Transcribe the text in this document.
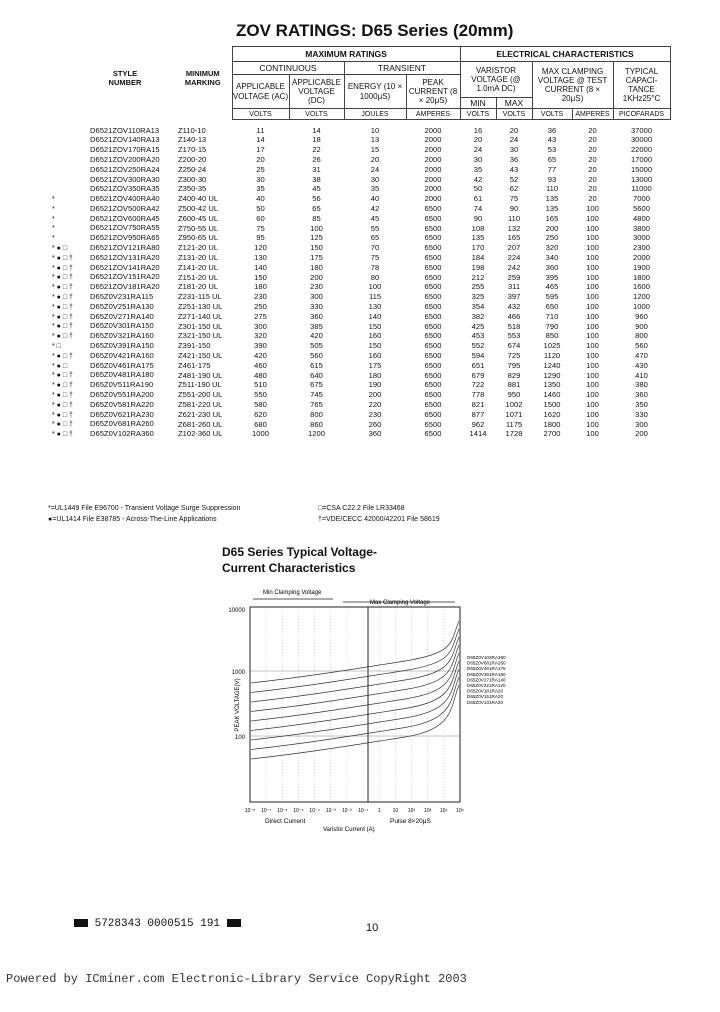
ZOV RATINGS: D65 Series (20mm)
STYLE NUMBER	MINIMUM MARKING	MAXIMUM RATINGS				ELECTRICAL CHARACTERISTICS				
		CONTINUOUS		TRANSIENT		VARISTOR VOLTAGE (@ 1.0mA DC)		MAX CLAMPING VOLTAGE @ TEST CURRENT (8 × 20μS)		TYPICAL CAPACI-TANCE 1KHz25°C

		APPLICABLE VOLTAGE (AC)	APPLICABLE VOLTAGE (DC)	ENERGY (10 × 1000μS)	PEAK CURRENT (8 × 20μS)					
						MIN	MAX			
		VOLTS	VOLTS	JOULES	AMPERES	VOLTS	VOLTS	VOLTS	AMPERES	PICOFARADS

D6521ZOV110RA13	Z110-10	11	14	10	2000	16	20	36	20	37000
D6521ZOV140RA13	Z140-13	14	18	13	2000	20	24	43	20	30000
D6521ZOV170RA15	Z170-15	17	22	15	2000	24	30	53	20	22000
D6521ZOV200RA20	Z200-20	20	26	20	2000	30	36	65	20	17000
D6521ZOV250RA24	Z250-24	25	31	24	2000	35	43	77	20	15000
D6521ZOV300RA30	Z300-30	30	38	30	2000	42	52	93	20	13000
D6521ZOV350RA35	Z350-35	35	45	35	2000	50	62	110	20	11000
* D6521ZOV400RA40	Z400-40 UL	40	56	40	2000	61	75	135	20	7000
* D6521ZOV500RA42	Z500-42 UL	50	65	42	6500	74	90	135	100	5600
* D6521ZOV600RA45	Z600-45 UL	60	85	45	6500	90	110	165	100	4800
* D6521ZOV750RA55	Z750-55 UL	75	100	55	6500	108	132	200	100	3800
* D6521ZOV950RA65	Z950-65 UL	95	125	65	6500	135	165	250	100	3000
* ● □ D6521ZOV121RA80	Z121-20 UL	120	150	70	6500	170	207	320	100	2300
* ● □ † D6521ZOV131RA20	Z131-20 UL	130	175	75	6500	184	224	340	100	2000
* ● □ † D6521ZOV141RA20	Z141-20 UL	140	180	78	6500	198	242	360	100	1900
* ● □ † D6521ZOV151RA20	Z151-20 UL	150	200	80	6500	212	259	395	100	1800
* ● □ † D6521ZOV181RA20	Z181-20 UL	180	230	100	6500	255	311	465	100	1600
* ● □ † D65Z0V231RA115	Z231-115 UL	230	300	115	6500	325	397	595	100	1200
* ● □ † D65Z0V251RA130	Z251-130 UL	250	330	130	6500	354	432	650	100	1000
* ● □ † D65Z0V271RA140	Z271-140 UL	275	360	140	6500	382	466	710	100	960
* ● □ † D65Z0V301RA150	Z301-150 UL	300	385	150	6500	425	518	790	100	900
* ● □ † D65Z0V321RA160	Z321-150 UL	320	420	160	6500	453	553	850	100	800
* □ D65Z0V391RA150	Z391-150	390	505	150	6500	552	674	1025	100	560
* ● □ † D65Z0V421RA160	Z421-150 UL	420	560	160	6500	594	725	1120	100	470
* ● □ D65Z0V461RA175	Z461-175	460	615	175	6500	651	795	1240	100	430
* ● □ † D65Z0V481RA180	Z481-190 UL	480	640	180	6500	679	829	1290	100	410
* ● □ † D65Z0V511RA190	Z511-190 UL	510	675	190	6500	722	881	1350	100	380
* ● □ † D65Z0V551RA200	Z551-200 UL	550	745	200	6500	778	950	1460	100	360
* ● □ † D65Z0V581RA220	Z581-220 UL	580	765	220	6500	821	1002	1500	100	350
* ● □ † D65Z0V621RA230	Z621-230 UL	620	800	230	6500	877	1071	1620	100	330
* ● □ † D65Z0V681RA260	Z681-260 UL	680	860	260	6500	962	1175	1800	100	300
* ● □ † D65Z0V102RA360	Z102-360 UL	1000	1200	360	6500	1414	1728	2700	100	200
*=UL1449 File E96700 - Transient Voltage Surge Suppression
●=UL1414 File E38785 - Across-The-Line Applications
□=CSA C22.2 File LR33468
†=VDE/CECC 42000/42201 File 58619
D65 Series Typical Voltage-
Current Characteristics
Min Clamping Voltage
Max Clamping Voltage
10000
1000
100
PEAK VOLTAGE(V)
D65Z0V102RA360
D65Z0V681RA260
D65Z0V461RA175
D65Z0V391RA150
D65Z0V271RA140
D65Z0V221RA120
D65Z0V181RA20
D65Z0V151RA20
D65Z0V131RA20
10⁻⁸ 10⁻⁷ 10⁻⁶ 10⁻⁵ 10⁻⁴ 10⁻³ 10⁻² 10⁻¹ 1 10 10² 10³ 10⁴ 10⁵
Direct Current	Pulse 8×20μS
Varistor Current (A)
5728343 0000515 191	10
Powered by ICminer.com Electronic-Library Service CopyRight 2003
